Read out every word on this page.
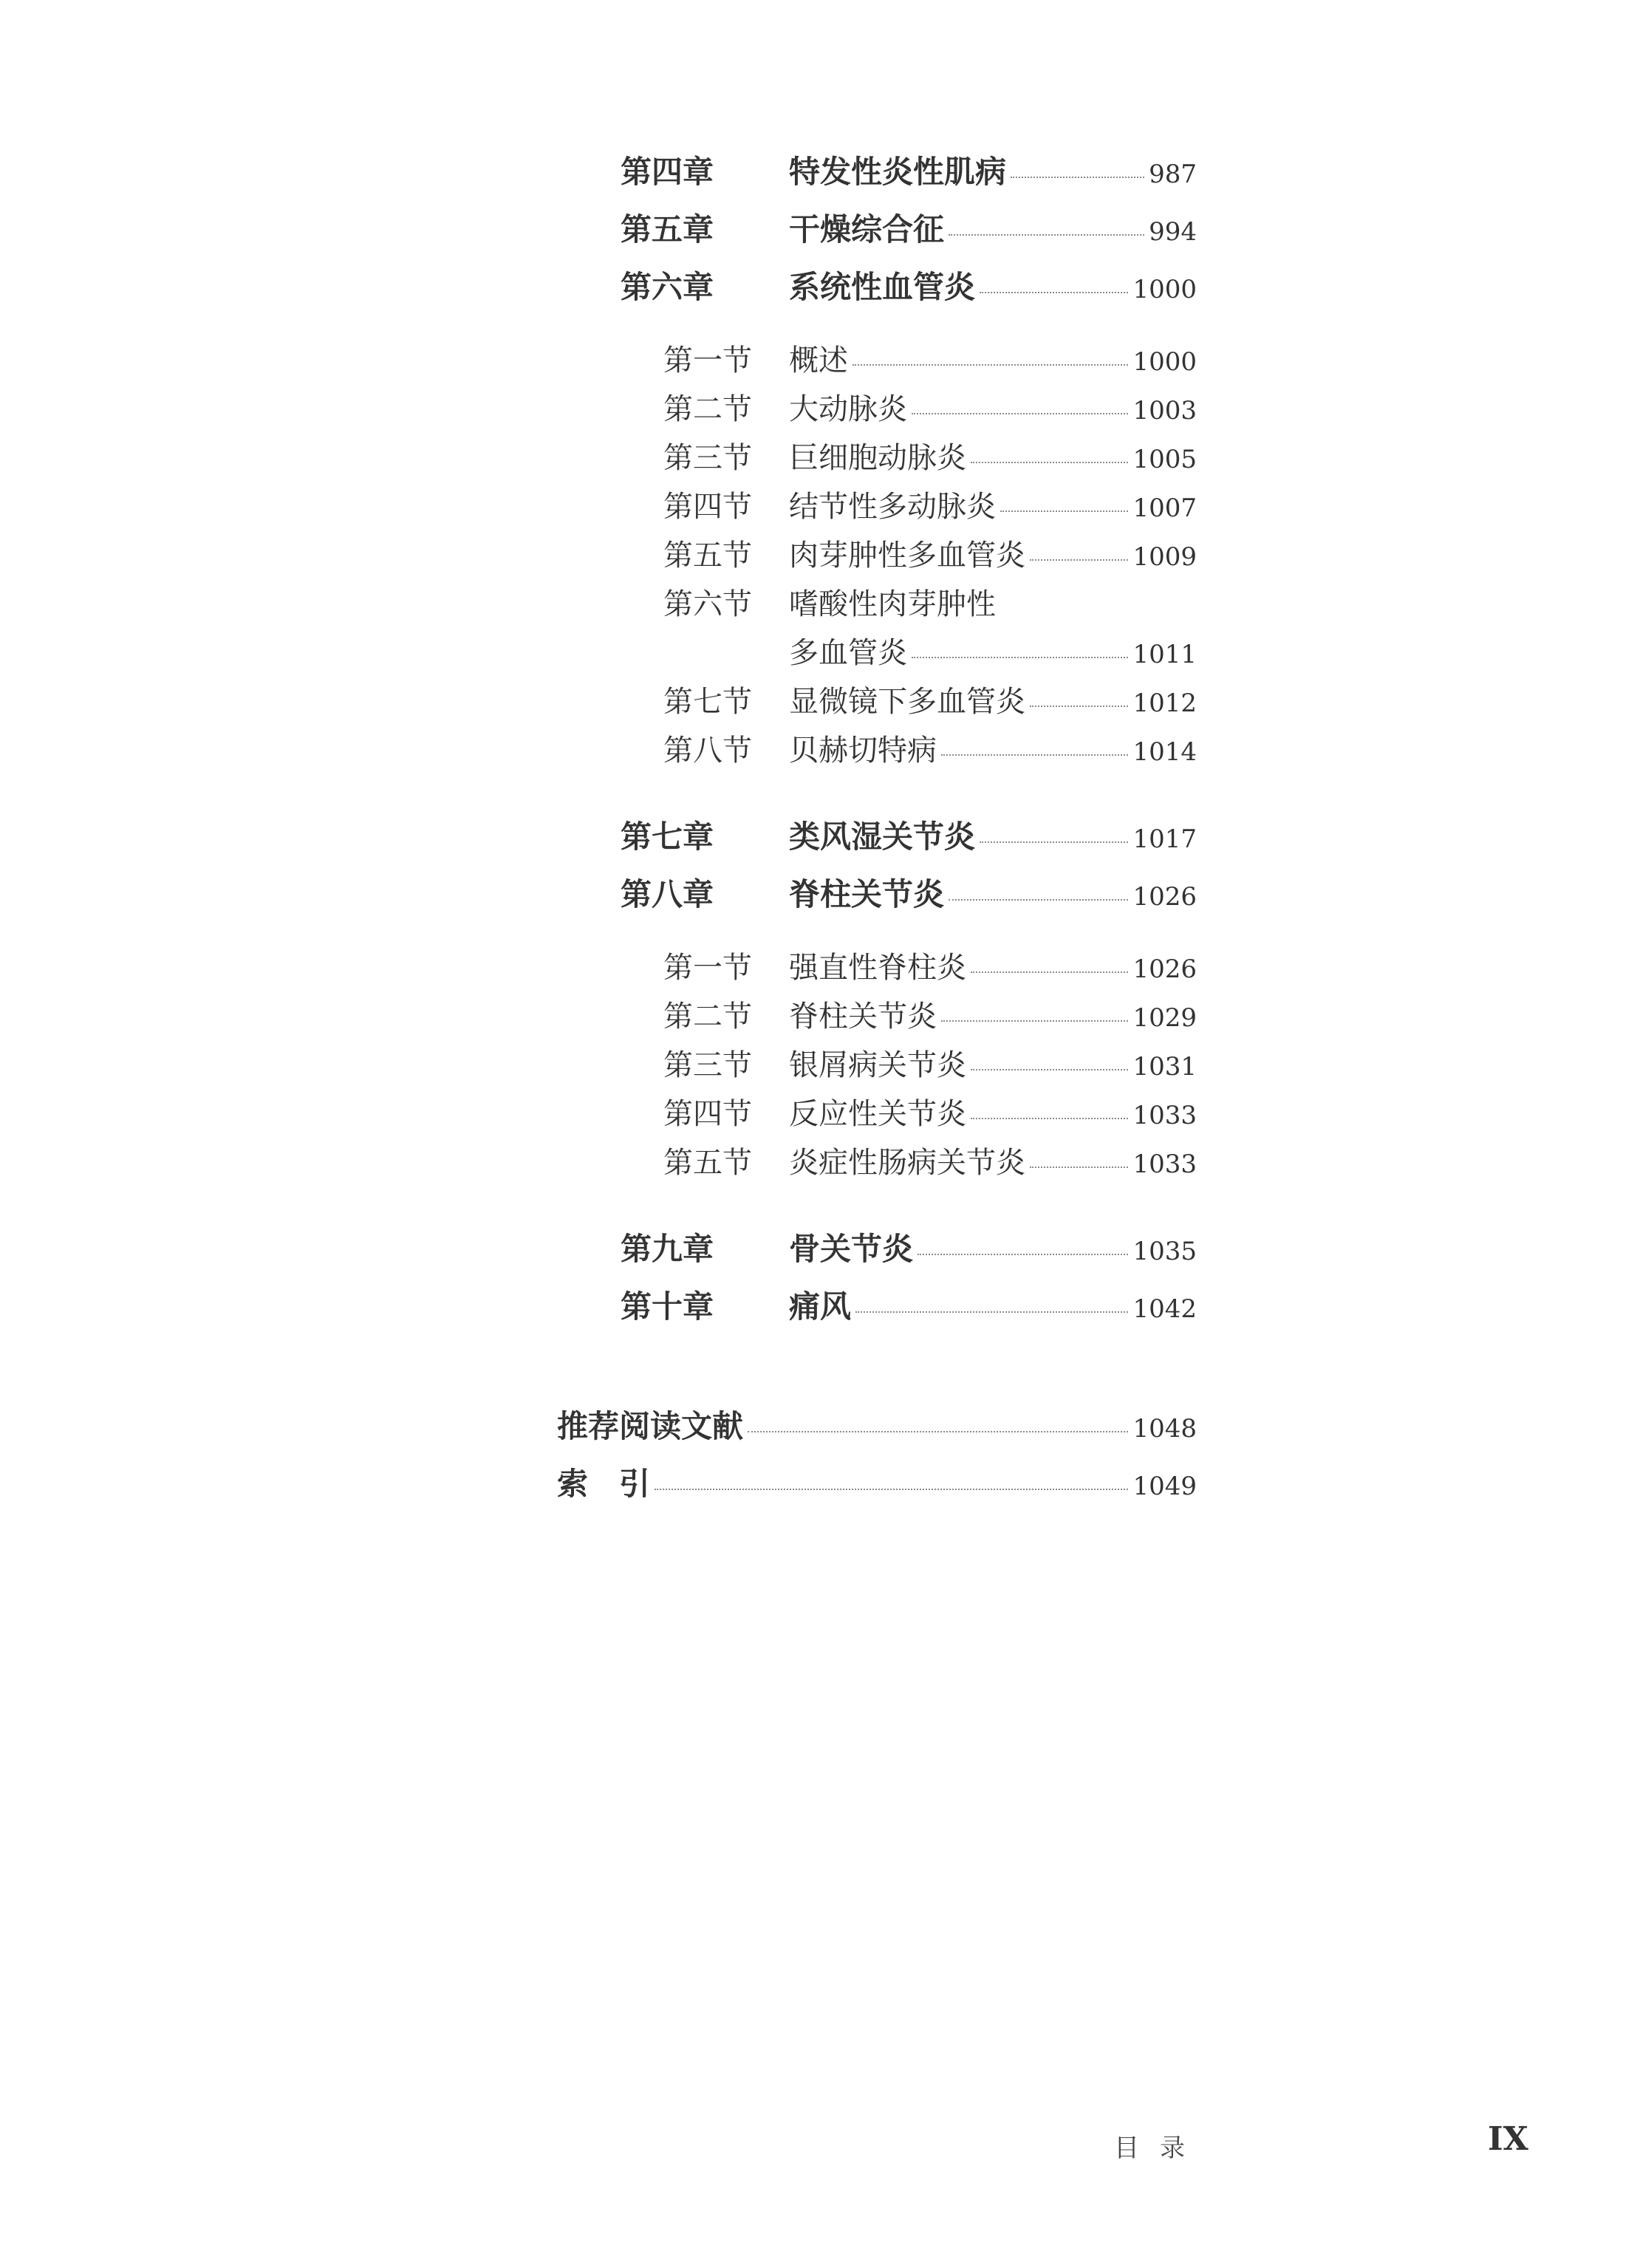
第四章	特发性炎性肌病	987
第五章	干燥综合征	994
第六章	系统性血管炎	1000
第一节	概述	1000
第二节	大动脉炎	1003
第三节	巨细胞动脉炎	1005
第四节	结节性多动脉炎	1007
第五节	肉芽肿性多血管炎	1009
第六节	嗜酸性肉芽肿性
多血管炎	1011
第七节	显微镜下多血管炎	1012
第八节	贝赫切特病	1014
第七章	类风湿关节炎	1017
第八章	脊柱关节炎	1026
第一节	强直性脊柱炎	1026
第二节	脊柱关节炎	1029
第三节	银屑病关节炎	1031
第四节	反应性关节炎	1033
第五节	炎症性肠病关节炎	1033
第九章	骨关节炎	1035
第十章	痛风	1042
推荐阅读文献	1048
索　引	1049
目录	IX
